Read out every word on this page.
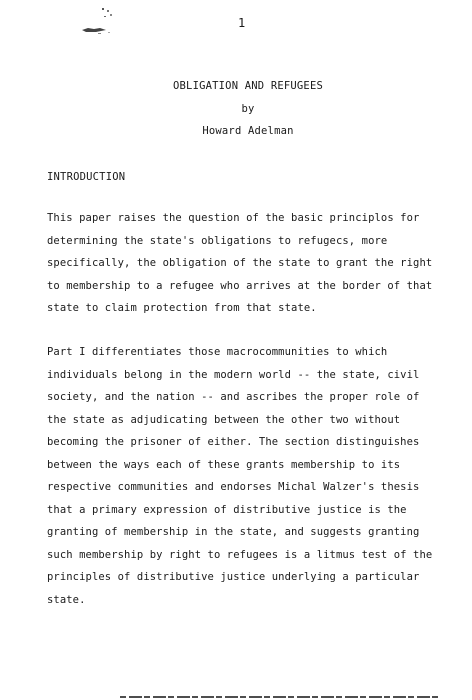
1
OBLIGATION AND REFUGEES
by
Howard Adelman
INTRODUCTION
This paper raises the question of the basic principlos for
determining the state's obligations to refugecs, more
specifically, the obligation of the state to grant the right
to membership to a refugee who arrives at the border of that
state to claim protection from that state.
Part I differentiates those macrocommunities to which
individuals belong in the modern world -- the state, civil
society, and the nation -- and ascribes the proper role of
the state as adjudicating between the other two without
becoming the prisoner of either. The section distinguishes
between the ways each of these grants membership to its
respective communities and endorses Michal Walzer's thesis
that a primary expression of distributive justice is the
granting of membership in the state, and suggests granting
such membership by right to refugees is a litmus test of the
principles of distributive justice underlying a particular
state.
